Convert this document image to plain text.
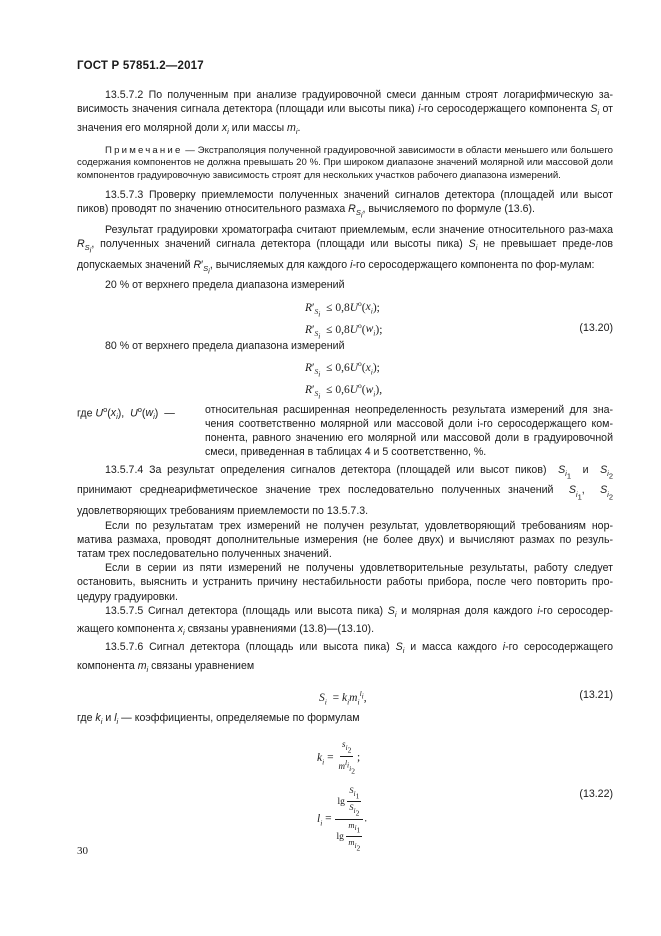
ГОСТ Р 57851.2—2017

13.5.7.2 По полученным при анализе градуировочной смеси данным строят логарифмическую за-висимость значения сигнала детектора (площади или высоты пика) i-го серосодержащего компонента $S_i$ от значения его молярной доли $x_i$ или массы $m_i$.

Примечание — Экстраполяция полученной градуировочной зависимости в области меньшего или большего содержания компонентов не должна превышать 20 %. При широком диапазоне значений молярной или массовой доли компонентов градуировочную зависимость строят для нескольких участков рабочего диапазона измерений.

13.5.7.3 Проверку приемлемости полученных значений сигналов детектора (площадей или высот пиков) проводят по значению относительного размаха $R_{S_i}$, вычисляемого по формуле (13.6).

Результат градуировки хроматографа считают приемлемым, если значение относительного раз-маха $R_{S_i}$, полученных значений сигнала детектора (площади или высоты пика) $S_i$ не превышает преде-лов допускаемых значений $R'_{S_i}$, вычисляемых для каждого i-го серосодержащего компонента по фор-мулам:

20 % от верхнего предела диапазона измерений

$R'_{S_i} \le 0,8U^о(x_i)$;
$R'_{S_i} \le 0,8U^о(w_i)$;	(13.20)

80 % от верхнего предела диапазона измерений

$R'_{S_i} \le 0,6U^о(x_i)$;
$R'_{S_i} \le 0,6U^о(w_i)$,
где $U^о(x_i)$,  $U^о(w_i)$  —	относительная расширенная неопределенность результата измерений для зна-чения соответственно молярной или массовой доли i-го серосодержащего ком-понента, равного значению его молярной или массовой доли в градуировочной смеси, приведенная в таблицах 4 и 5 соответственно, %.

13.5.7.4 За результат определения сигналов детектора (площадей или высот пиков)  $S_{i_1}$  и  $S_{i_2}$ принимают среднеарифметическое значение трех последовательно полученных значений  $S_{i_1}$,  $S_{i_2}$ удовлетворяющих требованиям приемлемости по 13.5.7.3.

Если по результатам трех измерений не получен результат, удовлетворяющий требованиям нор-матива размаха, проводят дополнительные измерения (не более двух) и вычисляют размах по резуль-татам трех последовательно полученных значений.

Если в серии из пяти измерений не получены удовлетворительные результаты, работу следует остановить, выяснить и устранить причину нестабильности работы прибора, после чего повторить про-цедуру градуировки.

13.5.7.5 Сигнал детектора (площадь или высота пика) $S_i$ и молярная доля каждого i-го серосодер-жащего компонента $x_i$ связаны уравнениями (13.8)—(13.10).

13.5.7.6 Сигнал детектора (площадь или высота пика) $S_i$ и масса каждого i-го серосодержащего компонента $m_i$ связаны уравнением

$S_i = k_im_i^{l_i}$,	(13.21)

где $k_i$ и $l_i$ — коэффициенты, определяемые по формулам

$k_i = \frac{s_{i_2}}{m^{l_i}_{i_2}}$ ;
(13.22)
$l_i = \frac{\lg \frac{S_{i_1}}{S_{i_2}}}{\lg \frac{m_{i_1}}{m_{i_2}}}$ .
30
